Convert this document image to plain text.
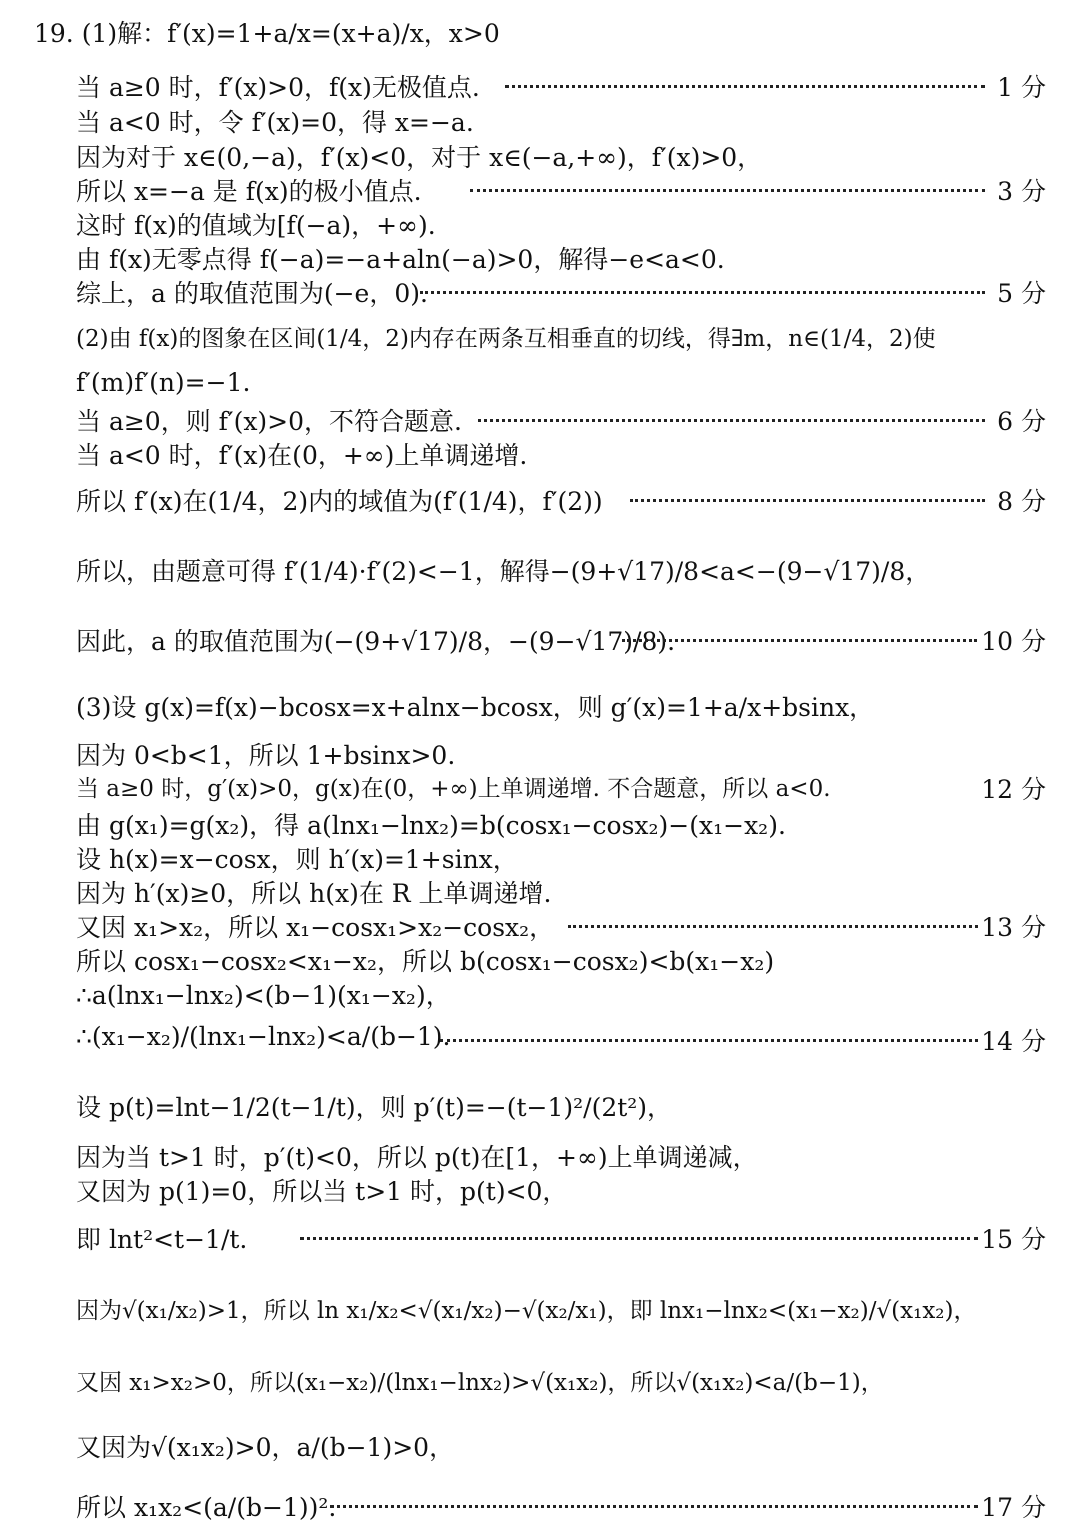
19. (1)解：f′(x)=1+a/x=(x+a)/x，x>0
当 a≥0 时，f′(x)>0，f(x)无极值点.	1 分
当 a<0 时，令 f′(x)=0，得 x=−a.
因为对于 x∈(0,−a)，f′(x)<0，对于 x∈(−a,+∞)，f′(x)>0，
所以 x=−a 是 f(x)的极小值点.	3 分
这时 f(x)的值域为[f(−a)，+∞).
由 f(x)无零点得 f(−a)=−a+aln(−a)>0，解得−e<a<0.
综上，a 的取值范围为(−e，0).	5 分
(2)由 f(x)的图象在区间(1/4，2)内存在两条互相垂直的切线，得∃m，n∈(1/4，2)使
f′(m)f′(n)=−1.
当 a≥0，则 f′(x)>0，不符合题意.	6 分
当 a<0 时，f′(x)在(0，+∞)上单调递增.
所以 f′(x)在(1/4，2)内的域值为(f′(1/4)，f′(2))	8 分
所以，由题意可得 f′(1/4)·f′(2)<−1，解得−(9+√17)/8<a<−(9−√17)/8，
因此，a 的取值范围为(−(9+√17)/8，−(9−√17)/8).	10 分
(3)设 g(x)=f(x)−bcosx=x+alnx−bcosx，则 g′(x)=1+a/x+bsinx，
因为 0<b<1，所以 1+bsinx>0.
当 a≥0 时，g′(x)>0，g(x)在(0，+∞)上单调递增. 不合题意，所以 a<0.	12 分
由 g(x₁)=g(x₂)，得 a(lnx₁−lnx₂)=b(cosx₁−cosx₂)−(x₁−x₂).
设 h(x)=x−cosx，则 h′(x)=1+sinx，
因为 h′(x)≥0，所以 h(x)在 R 上单调递增.
又因 x₁>x₂，所以 x₁−cosx₁>x₂−cosx₂，	13 分
所以 cosx₁−cosx₂<x₁−x₂，所以 b(cosx₁−cosx₂)<b(x₁−x₂)
∴a(lnx₁−lnx₂)<(b−1)(x₁−x₂)，
∴(x₁−x₂)/(lnx₁−lnx₂)<a/(b−1).	14 分
设 p(t)=lnt−1/2(t−1/t)，则 p′(t)=−(t−1)²/(2t²)，
因为当 t>1 时，p′(t)<0，所以 p(t)在[1，+∞)上单调递减，
又因为 p(1)=0，所以当 t>1 时，p(t)<0，
即 lnt²<t−1/t.	15 分
因为√(x₁/x₂)>1，所以 ln x₁/x₂<√(x₁/x₂)−√(x₂/x₁)，即 lnx₁−lnx₂<(x₁−x₂)/√(x₁x₂)，
又因 x₁>x₂>0，所以(x₁−x₂)/(lnx₁−lnx₂)>√(x₁x₂)，所以√(x₁x₂)<a/(b−1)，
又因为√(x₁x₂)>0，a/(b−1)>0，
所以 x₁x₂<(a/(b−1))².	17 分
